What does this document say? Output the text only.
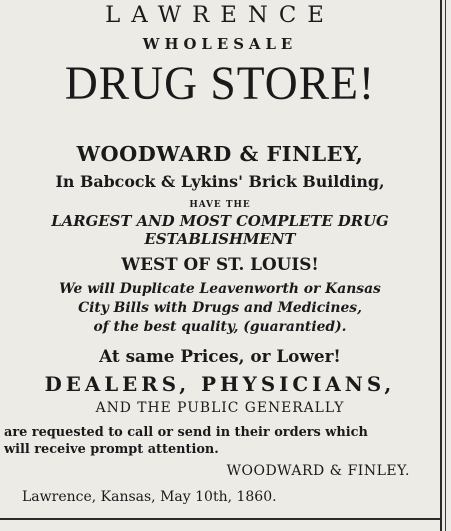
LAWRENCE
WHOLESALE
DRUG STORE!
WOODWARD & FINLEY,
In Babcock & Lykins' Brick Building,
HAVE THE
LARGEST AND MOST COMPLETE DRUG
ESTABLISHMENT
WEST OF ST. LOUIS!
We will Duplicate Leavenworth or Kansas
City Bills with Drugs and Medicines,
of the best quality, (guarantied).
At same Prices, or Lower!
DEALERS, PHYSICIANS,
AND THE PUBLIC GENERALLY
are requested to call or send in their orders which
will receive prompt attention.
WOODWARD & FINLEY.
Lawrence, Kansas, May 10th, 1860.
